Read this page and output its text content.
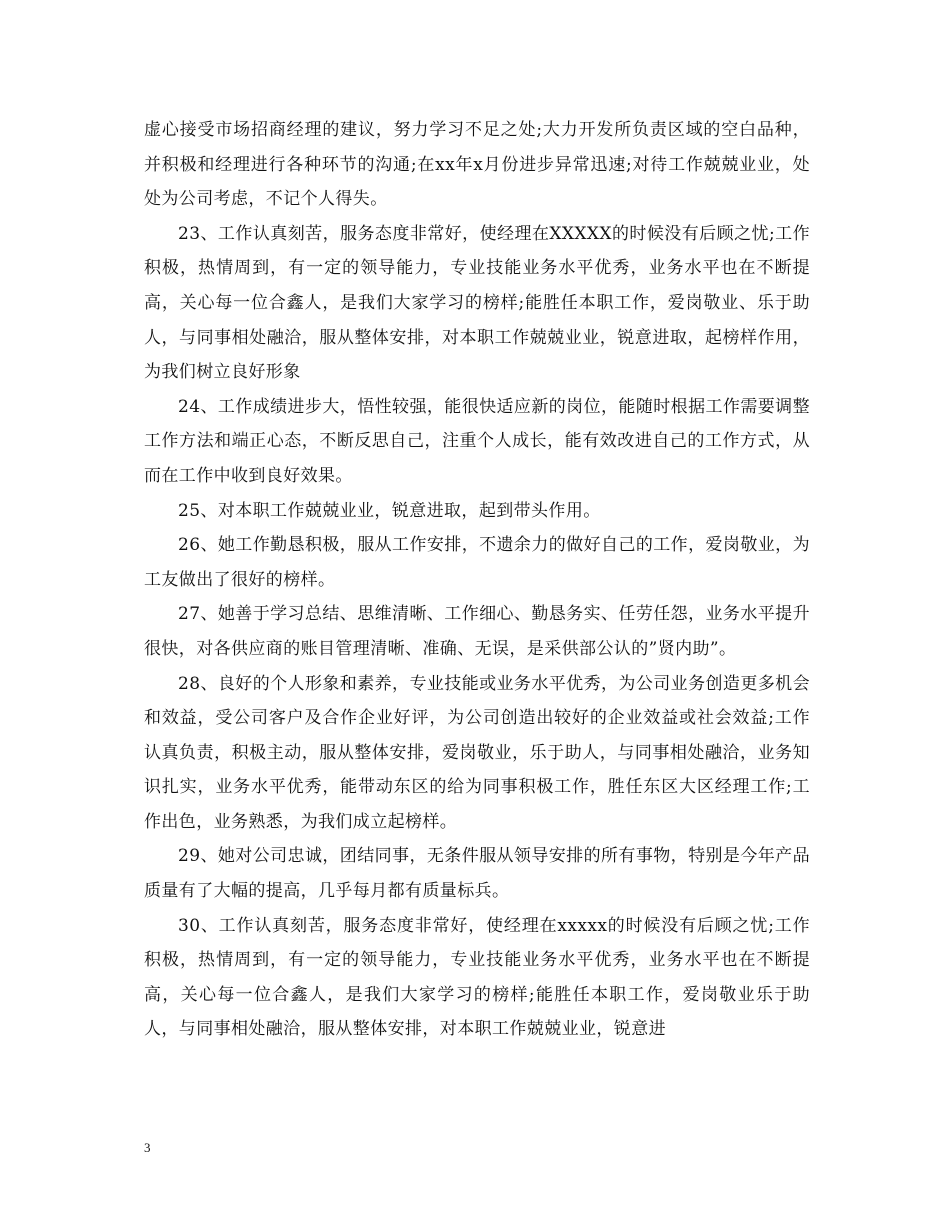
虚心接受市场招商经理的建议，努力学习不足之处;大力开发所负责区域的空白品种，并积极和经理进行各种环节的沟通;在xx年x月份进步异常迅速;对待工作兢兢业业，处处为公司考虑，不记个人得失。

23、工作认真刻苦，服务态度非常好，使经理在XXXXX的时候没有后顾之忧;工作积极，热情周到，有一定的领导能力，专业技能业务水平优秀，业务水平也在不断提高，关心每一位合鑫人，是我们大家学习的榜样;能胜任本职工作，爱岗敬业、乐于助人，与同事相处融洽，服从整体安排，对本职工作兢兢业业，锐意进取，起榜样作用，为我们树立良好形象

24、工作成绩进步大，悟性较强，能很快适应新的岗位，能随时根据工作需要调整工作方法和端正心态，不断反思自己，注重个人成长，能有效改进自己的工作方式，从而在工作中收到良好效果。

25、对本职工作兢兢业业，锐意进取，起到带头作用。

26、她工作勤恳积极，服从工作安排，不遗余力的做好自己的工作，爱岗敬业，为工友做出了很好的榜样。

27、她善于学习总结、思维清晰、工作细心、勤恳务实、任劳任怨，业务水平提升很快，对各供应商的账目管理清晰、准确、无误，是采供部公认的”贤内助”。

28、良好的个人形象和素养，专业技能或业务水平优秀，为公司业务创造更多机会和效益，受公司客户及合作企业好评，为公司创造出较好的企业效益或社会效益;工作认真负责，积极主动，服从整体安排，爱岗敬业，乐于助人，与同事相处融洽，业务知识扎实，业务水平优秀，能带动东区的给为同事积极工作，胜任东区大区经理工作;工作出色，业务熟悉，为我们成立起榜样。

29、她对公司忠诚，团结同事，无条件服从领导安排的所有事物，特别是今年产品质量有了大幅的提高，几乎每月都有质量标兵。

30、工作认真刻苦，服务态度非常好，使经理在xxxxx的时候没有后顾之忧;工作积极，热情周到，有一定的领导能力，专业技能业务水平优秀，业务水平也在不断提高，关心每一位合鑫人，是我们大家学习的榜样;能胜任本职工作，爱岗敬业乐于助人，与同事相处融洽，服从整体安排，对本职工作兢兢业业，锐意进

3
